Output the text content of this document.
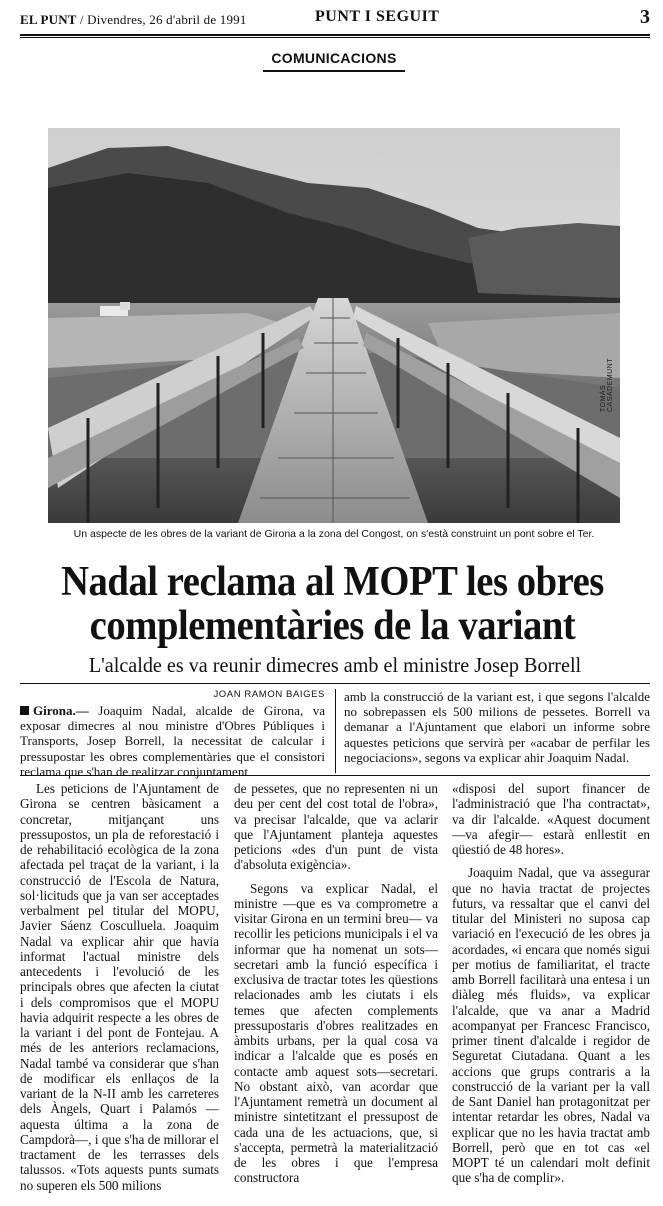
EL PUNT / Divendres, 26 d'abril de 1991	PUNT I SEGUIT	3
COMUNICACIONS
TOMÀS CASADEMUNT
Un aspecte de les obres de la variant de Girona a la zona del Congost, on s'està construint un pont sobre el Ter.
Nadal reclama al MOPT les obres
complementàries de la variant
L'alcalde es va reunir dimecres amb el ministre Josep Borrell
JOAN RAMON BAIGES
Girona.— Joaquim Nadal, alcalde de Girona, va exposar dimecres al nou ministre d'Obres Públiques i Transports, Josep Borrell, la necessitat de calcular i pressupostar les obres complementàries que el consistori reclama que s'han de realitzar conjuntament
amb la construcció de la variant est, i que segons l'alcalde no sobrepassen els 500 milions de pessetes. Borrell va demanar a l'Ajuntament que elabori un informe sobre aquestes peticions que servirà per «acabar de perfilar les negociacions», segons va explicar ahir Joaquim Nadal.

Les peticions de l'Ajuntament de Girona se centren bàsicament a concretar, mitjançant uns pressupostos, un pla de reforestació i de rehabilitació ecològica de la zona afectada pel traçat de la variant, i la construcció de l'Escola de Natura, sol·licituds que ja van ser acceptades verbalment pel titular del MOPU, Javier Sáenz Cosculluela. Joaquim Nadal va explicar ahir que havia informat l'actual ministre dels antecedents i l'evolució de les principals obres que afecten la ciutat i dels compromisos que el MOPU havia adquirit respecte a les obres de la variant i del pont de Fontejau. A més de les anteriors reclamacions, Nadal també va considerar que s'han de modificar els enllaços de la variant de la N-II amb les carreteres dels Àngels, Quart i Palamós —aquesta última a la zona de Campdorà—, i que s'ha de millorar el tractament de les terrasses dels talussos. «Tots aquests punts sumats no superen els 500 milions

de pessetes, que no representen ni un deu per cent del cost total de l'obra», va precisar l'alcalde, que va aclarir que l'Ajuntament planteja aquestes peticions «des d'un punt de vista d'absoluta exigència».

Segons va explicar Nadal, el ministre —que es va comprometre a visitar Girona en un termini breu— va recollir les peticions municipals i el va informar que ha nomenat un sots—secretari amb la funció específica i exclusiva de tractar totes les qüestions relacionades amb les ciutats i els temes que afecten complements pressupostaris d'obres realitzades en àmbits urbans, per la qual cosa va indicar a l'alcalde que es posés en contacte amb aquest sots—secretari. No obstant això, van acordar que l'Ajuntament remetrà un document al ministre sintetitzant el pressupost de cada una de les actuacions, que, si s'accepta, permetrà la materialització de les obres i que l'empresa constructora

«disposi del suport financer de l'administració que l'ha contractat», va dir l'alcalde. «Aquest document —va afegir— estarà enllestit en qüestió de 48 hores».

Joaquim Nadal, que va assegurar que no havia tractat de projectes futurs, va ressaltar que el canvi del titular del Ministeri no suposa cap variació en l'execució de les obres ja acordades, «i encara que només sigui per motius de familiaritat, el tracte amb Borrell facilitarà una entesa i un diàleg més fluids», va explicar l'alcalde, que va anar a Madrid acompanyat per Francesc Francisco, primer tinent d'alcalde i regidor de Seguretat Ciutadana. Quant a les accions que grups contraris a la construcció de la variant per la vall de Sant Daniel han protagonitzat per intentar retardar les obres, Nadal va explicar que no les havia tractat amb Borrell, però que en tot cas «el MOPT té un calendari molt definit que s'ha de complir».
